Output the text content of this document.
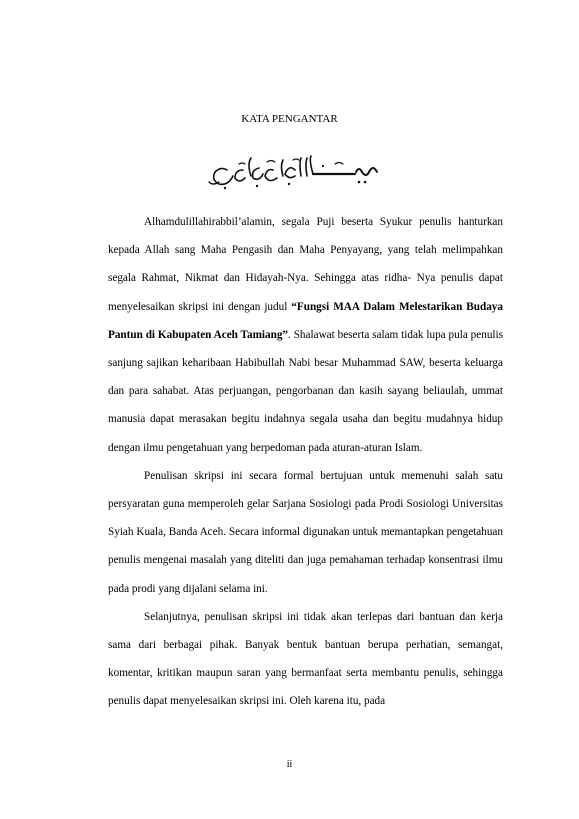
KATA PENGANTAR

Alhamdulillahirabbil’alamin, segala Puji beserta Syukur penulis hanturkan kepada Allah sang Maha Pengasih dan Maha Penyayang, yang telah melimpahkan segala Rahmat, Nikmat dan Hidayah-Nya. Sehingga atas ridha- Nya penulis dapat menyelesaikan skripsi ini dengan judul “Fungsi MAA Dalam Melestarikan Budaya Pantun di Kabupaten Aceh Tamiang”. Shalawat beserta salam tidak lupa pula penulis sanjung sajikan keharibaan Habibullah Nabi besar Muhammad SAW, beserta keluarga dan para sahabat. Atas perjuangan, pengorbanan dan kasih sayang beliaulah, ummat manusia dapat merasakan begitu indahnya segala usaha dan begitu mudahnya hidup dengan ilmu pengetahuan yang berpedoman pada aturan-aturan Islam.

Penulisan skripsi ini secara formal bertujuan untuk memenuhi salah satu persyaratan guna memperoleh gelar Sarjana Sosiologi pada Prodi Sosiologi Universitas Syiah Kuala, Banda Aceh. Secara informal digunakan untuk memantapkan pengetahuan penulis mengenai masalah yang diteliti dan juga pemahaman terhadap konsentrasi ilmu pada prodi yang dijalani selama ini.

Selanjutnya, penulisan skripsi ini tidak akan terlepas dari bantuan dan kerja sama dari berbagai pihak. Banyak bentuk bantuan berupa perhatian, semangat, komentar, kritikan maupun saran yang bermanfaat serta membantu penulis, sehingga penulis dapat menyelesaikan skripsi ini. Oleh karena itu, pada

ii
